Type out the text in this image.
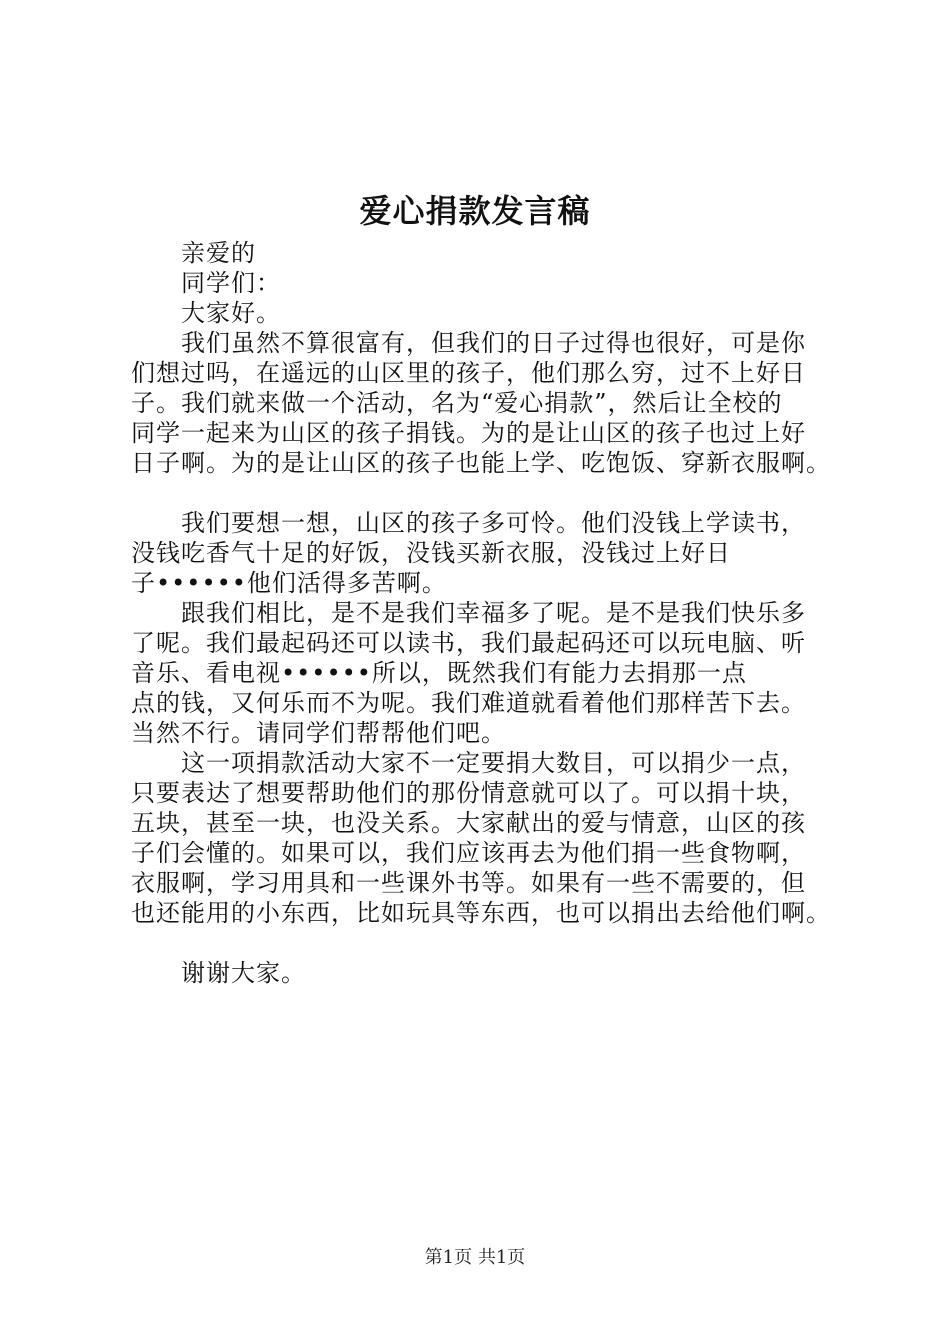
爱心捐款发言稿
亲爱的
同学们：
大家好。
我们虽然不算很富有，但我们的日子过得也很好，可是你
们想过吗，在遥远的山区里的孩子，他们那么穷，过不上好日
子。我们就来做一个活动，名为“爱心捐款”，然后让全校的
同学一起来为山区的孩子捐钱。为的是让山区的孩子也过上好
日子啊。为的是让山区的孩子也能上学、吃饱饭、穿新衣服啊。
我们要想一想，山区的孩子多可怜。他们没钱上学读书，
没钱吃香气十足的好饭，没钱买新衣服，没钱过上好日
子••••••他们活得多苦啊。
跟我们相比，是不是我们幸福多了呢。是不是我们快乐多
了呢。我们最起码还可以读书，我们最起码还可以玩电脑、听
音乐、看电视••••••所以，既然我们有能力去捐那一点
点的钱，又何乐而不为呢。我们难道就看着他们那样苦下去。
当然不行。请同学们帮帮他们吧。
这一项捐款活动大家不一定要捐大数目，可以捐少一点，
只要表达了想要帮助他们的那份情意就可以了。可以捐十块，
五块，甚至一块，也没关系。大家献出的爱与情意，山区的孩
子们会懂的。如果可以，我们应该再去为他们捐一些食物啊，
衣服啊，学习用具和一些课外书等。如果有一些不需要的，但
也还能用的小东西，比如玩具等东西，也可以捐出去给他们啊。
谢谢大家。
第1页 共1页
